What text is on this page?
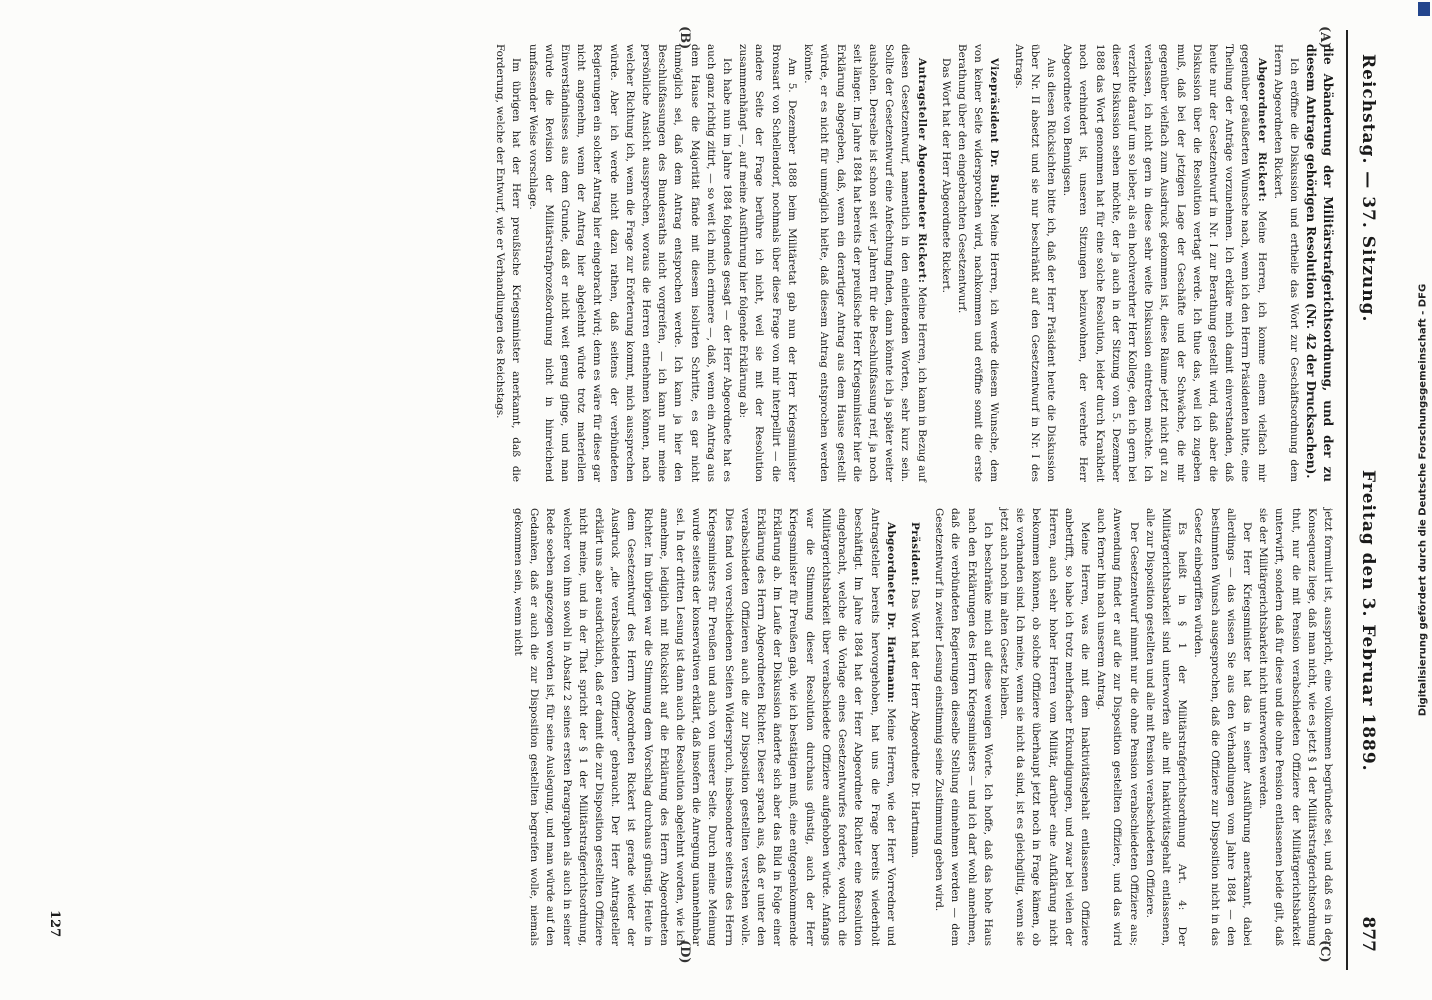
Reichstag. — 37. Sitzung.
Freitag den 3. Februar 1889.
877

die Abänderung der Militärstrafgerichtsordnung, und der zu diesem Antrage gehörigen Resolution (Nr. 42 der Drucksachen).

Ich eröffne die Diskussion und ertheile das Wort zur Geschäftsordnung dem Herrn Abgeordneten Rickert.

Abgeordneter Rickert: Meine Herren, ich komme einem vielfach mir gegenüber geäußerten Wunsche nach, wenn ich den Herrn Präsidenten bitte, eine Theilung der Anträge vorzunehmen. Ich erkläre mich damit einverstanden, daß heute nur der Gesetzentwurf in Nr. I zur Berathung gestellt wird, daß aber die Diskussion über die Resolution vertagt werde. Ich thue das, weil ich zugeben muß, daß bei der jetzigen Lage der Geschäfte und der Schwäche, die mir gegenüber vielfach zum Ausdruck gekommen ist, diese Räume jetzt nicht gut zu verlassen, ich nicht gern in diese sehr weite Diskussion eintreten möchte. Ich verzichte darauf um so lieber, als ein hochverehrter Herr Kollege, den ich gern bei dieser Diskussion sehen möchte, der ja auch in der Sitzung vom 5. Dezember 1888 das Wort genommen hat für eine solche Resolution, leider durch Krankheit noch verhindert ist, unseren Sitzungen beizuwohnen, der verehrte Herr Abgeordnete von Bennigsen.

Aus diesen Rücksichten bitte ich, daß der Herr Präsident heute die Diskussion über Nr. II absetzt und sie nur beschränkt auf den Gesetzentwurf in Nr. I des Antrags.

Vizepräsident Dr. Buhl: Meine Herren, ich werde diesem Wunsche, dem von keiner Seite widersprochen wird, nachkommen und eröffne somit die erste Berathung über den eingebrachten Gesetzentwurf.

Das Wort hat der Herr Abgeordnete Rickert.

Antragsteller Abgeordneter Rickert: Meine Herren, ich kann in Bezug auf diesen Gesetzentwurf, namentlich in den einleitenden Worten, sehr kurz sein. Sollte der Gesetzentwurf eine Anfechtung finden, dann könnte ich ja später weiter ausholen. Derselbe ist schon seit vier Jahren für die Beschlußfassung reif, ja noch seit länger. Im Jahre 1884 hat bereits der preußische Herr Kriegsminister hier die Erklärung abgegeben, daß, wenn ein derartiger Antrag aus dem Hause gestellt würde, er es nicht für unmöglich hielte, daß diesem Antrag entsprochen werden könnte.

Am 5. Dezember 1888 beim Militäretat gab nun der Herr Kriegsminister Bronsart von Schellendorf, nochmals über diese Frage von mir interpellirt — die andere Seite der Frage berühre ich nicht, weil sie mit der Resolution zusammenhängt —, auf meine Ausführung hier folgende Erklärung ab:

Ich habe nun im Jahre 1884 folgendes gesagt — der Herr Abgeordnete hat es auch ganz richtig zitirt, — so weit ich mich erinnere —, daß, wenn ein Antrag aus dem Hause die Majorität fände mit diesem isolirten Schritte, es gar nicht unmöglich sei, daß dem Antrag entsprochen werde. Ich kann ja hier den Beschlußfassungen des Bundesraths nicht vorgreifen, — ich kann nur meine persönliche Ansicht aussprechen, woraus die Herren entnehmen können, nach welcher Richtung ich, wenn die Frage zur Erörterung kommt, mich aussprechen würde. Aber ich werde nicht dazu rathen, daß seitens der verbündeten Regierungen ein solcher Antrag hier eingebracht wird; denn es wäre für diese gar nicht angenehm, wenn der Antrag hier abgelehnt würde trotz materiellen Einverständnisses aus dem Grunde, daß er nicht weit genug ginge, und man würde die Revision der Militärstrafprozeßordnung nicht in hinreichend umfassender Weise vorschlage.

Im übrigen hat der Herr preußische Kriegsminister anerkannt, daß die Forderung, welche der Entwurf, wie er Verhandlungen des Reichstags.

jetzt formulirt ist, ausspricht, eine vollkommen begründete sei, und daß es in der Konsequenz liege, daß man nicht, wie es jetzt § 1 der Militärstrafgerichtsordnung thut, nur die mit Pension verabschiedeten Offiziere der Militärgerichtsbarkeit unterwirft, sondern daß für diese und die ohne Pension entlassenen beide gilt, daß sie der Militärgerichtsbarkeit nicht unterworfen werden.

Der Herr Kriegsminister hat das in seiner Ausführung anerkannt, dabei allerdings — das wissen Sie aus den Verhandlungen vom Jahre 1884 — den bestimmten Wunsch ausgesprochen, daß die Offiziere zur Disposition nicht in das Gesetz einbegriffen würden.

Es heißt in § 1 der Militärstrafgerichtsordnung Art. 4: Der Militärgerichtsbarkeit sind unterworfen alle mit Inaktivitätsgehalt entlassenen, alle zur Disposition gestellten und alle mit Pension verabschiedeten Offiziere.

Der Gesetzentwurf nimmt nur die ohne Pension verabschiedeten Offiziere aus; Anwendung findet er auf die zur Disposition gestellten Offiziere, und das wird auch ferner hin nach unserem Antrag.

Meine Herren, was die mit dem Inaktivitätsgehalt entlassenen Offiziere anbetrifft, so habe ich trotz mehrfacher Erkundigungen, und zwar bei vielen der Herren, auch sehr hoher Herren vom Militär, darüber eine Aufklärung nicht bekommen können, ob solche Offiziere überhaupt jetzt noch in Frage kämen, ob sie vorhanden sind. Ich meine, wenn sie nicht da sind, ist es gleichgiltig, wenn sie jetzt auch noch im alten Gesetz bleiben.

Ich beschränke mich auf diese wenigen Worte. Ich hoffe, daß das hohe Haus nach den Erklärungen des Herrn Kriegsministers — und ich darf wohl annehmen, daß die verbündeten Regierungen dieselbe Stellung einnehmen werden — dem Gesetzentwurf in zweiter Lesung einstimmig seine Zustimmung geben wird.

Präsident: Das Wort hat der Herr Abgeordnete Dr. Hartmann.

Abgeordneter Dr. Hartmann: Meine Herren, wie der Herr Vorredner und Antragsteller bereits hervorgehoben, hat uns die Frage bereits wiederholt beschäftigt. Im Jahre 1884 hat der Herr Abgeordnete Richter eine Resolution eingebracht, welche die Vorlage eines Gesetzentwurfes forderte, wodurch die Militärgerichtsbarkeit über verabschiedete Offiziere aufgehoben würde. Anfangs war die Stimmung dieser Resolution durchaus günstig, auch der Herr Kriegsminister für Preußen gab, wie ich bestätigen muß, eine entgegenkommende Erklärung ab. Im Laufe der Diskussion änderte sich aber das Bild in Folge einer Erklärung des Herrn Abgeordneten Richter. Dieser sprach aus, daß er unter den verabschiedeten Offizieren auch die zur Disposition gestellten verstehen wolle. Dies fand von verschiedenen Seiten Widerspruch, insbesondere seitens des Herrn Kriegsministers für Preußen und auch von unserer Seite. Durch meine Meinung wurde seitens der konservativen erklärt, daß insofern die Anregung unannehmbar sei. In der dritten Lesung ist dann auch die Resolution abgelehnt worden, wie ich annehme, lediglich mit Rücksicht auf die Erklärung des Herrn Abgeordneten Richter. Im übrigen war die Stimmung dem Vorschlag durchaus günstig. Heute in dem Gesetzentwurf des Herrn Abgeordneten Rickert ist gerade wieder der Ausdruck „die verabschiedeten Offiziere“ gebraucht. Der Herr Antragsteller erklärt uns aber ausdrücklich, daß er damit die zur Disposition gestellten Offiziere nicht meine, und in der That spricht der § 1 der Militärstrafgerichtsordnung, welcher von ihm sowohl in Absatz 2 seines ersten Paragraphen als auch in seiner Rede soeben angezogen worden ist, für seine Auslegung, und man würde auf den Gedanken, daß er auch die zur Disposition gestellten begreifen wolle, niemals gekommen sein, wenn nicht

(A)
(B)
(C)
(D)
127
Digitalisierung gefördert durch die Deutsche Forschungsgemeinschaft - DFG
